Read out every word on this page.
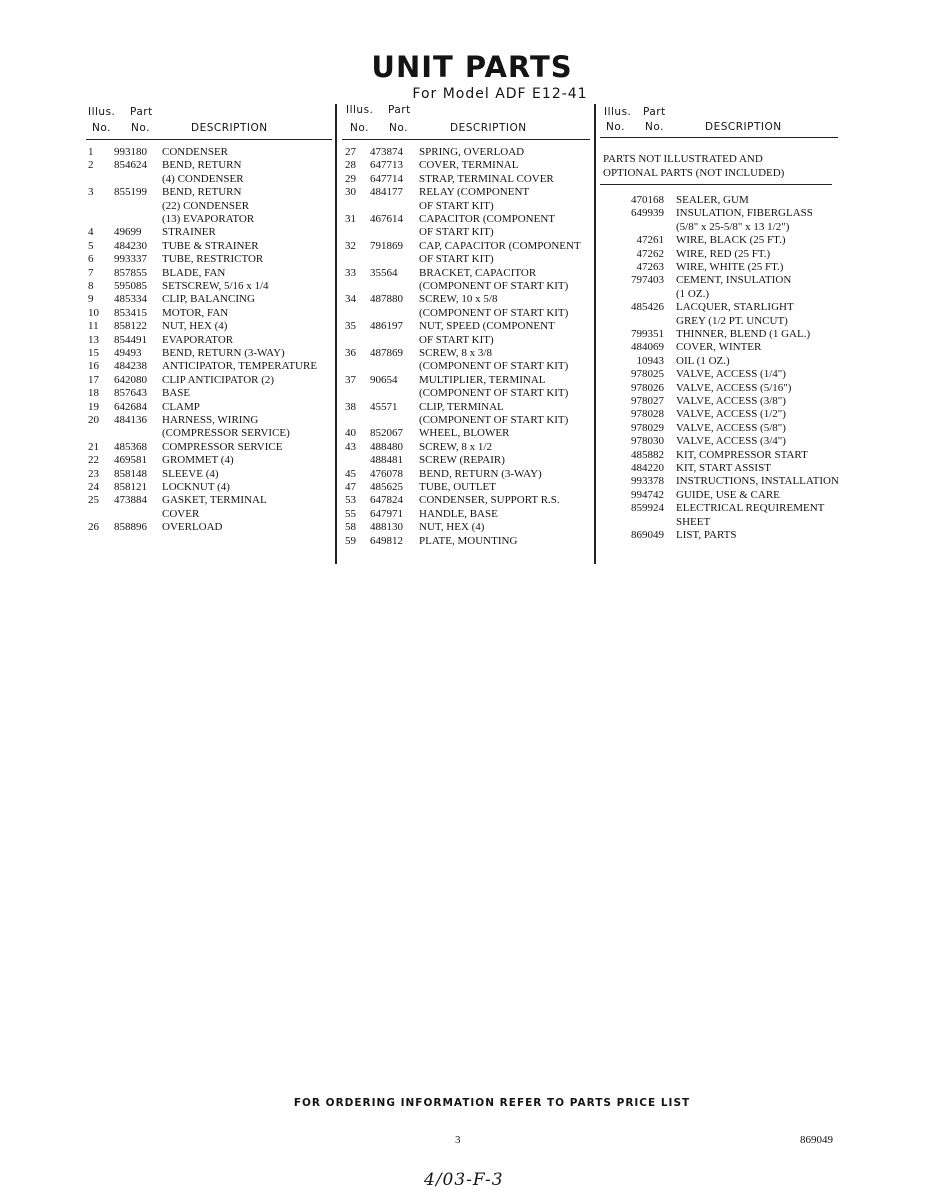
UNIT PARTS
For Model ADF E12-41
Illus. Part
No. No.	DESCRIPTION
1 993180 CONDENSER
2 854624 BEND, RETURN
(4) CONDENSER
3 855199 BEND, RETURN
(22) CONDENSER
(13) EVAPORATOR
4 49699 STRAINER
5 484230 TUBE & STRAINER
6 993337 TUBE, RESTRICTOR
7 857855 BLADE, FAN
8 595085 SETSCREW, 5/16 x 1/4
9 485334 CLIP, BALANCING
10 853415 MOTOR, FAN
11 858122 NUT, HEX (4)
13 854491 EVAPORATOR
15 49493 BEND, RETURN (3-WAY)
16 484238 ANTICIPATOR, TEMPERATURE
17 642080 CLIP ANTICIPATOR (2)
18 857643 BASE
19 642684 CLAMP
20 484136 HARNESS, WIRING
(COMPRESSOR SERVICE)
21 485368 COMPRESSOR SERVICE
22 469581 GROMMET (4)
23 858148 SLEEVE (4)
24 858121 LOCKNUT (4)
25 473884 GASKET, TERMINAL
COVER
26 858896 OVERLOAD
Illus. Part
No. No.	DESCRIPTION
27 473874 SPRING, OVERLOAD
28 647713 COVER, TERMINAL
29 647714 STRAP, TERMINAL COVER
30 484177 RELAY (COMPONENT
OF START KIT)
31 467614 CAPACITOR (COMPONENT
OF START KIT)
32 791869 CAP, CAPACITOR (COMPONENT
OF START KIT)
33 35564 BRACKET, CAPACITOR
(COMPONENT OF START KIT)
34 487880 SCREW, 10 x 5/8
(COMPONENT OF START KIT)
35 486197 NUT, SPEED (COMPONENT
OF START KIT)
36 487869 SCREW, 8 x 3/8
(COMPONENT OF START KIT)
37 90654 MULTIPLIER, TERMINAL
(COMPONENT OF START KIT)
38 45571 CLIP, TERMINAL
(COMPONENT OF START KIT)
40 852067 WHEEL, BLOWER
43 488480 SCREW, 8 x 1/2
488481 SCREW (REPAIR)
45 476078 BEND, RETURN (3-WAY)
47 485625 TUBE, OUTLET
53 647824 CONDENSER, SUPPORT R.S.
55 647971 HANDLE, BASE
58 488130 NUT, HEX (4)
59 649812 PLATE, MOUNTING
Illus. Part
No. No.	DESCRIPTION
PARTS NOT ILLUSTRATED AND
OPTIONAL PARTS (NOT INCLUDED)
470168 SEALER, GUM
649939 INSULATION, FIBERGLASS
(5/8" x 25-5/8" x 13 1/2")
47261 WIRE, BLACK (25 FT.)
47262 WIRE, RED (25 FT.)
47263 WIRE, WHITE (25 FT.)
797403 CEMENT, INSULATION
(1 OZ.)
485426 LACQUER, STARLIGHT
GREY (1/2 PT. UNCUT)
799351 THINNER, BLEND (1 GAL.)
484069 COVER, WINTER
10943 OIL (1 OZ.)
978025 VALVE, ACCESS (1/4")
978026 VALVE, ACCESS (5/16")
978027 VALVE, ACCESS (3/8")
978028 VALVE, ACCESS (1/2")
978029 VALVE, ACCESS (5/8")
978030 VALVE, ACCESS (3/4")
485882 KIT, COMPRESSOR START
484220 KIT, START ASSIST
993378 INSTRUCTIONS, INSTALLATION
994742 GUIDE, USE & CARE
859924 ELECTRICAL REQUIREMENT
SHEET
869049 LIST, PARTS
FOR ORDERING INFORMATION REFER TO PARTS PRICE LIST
3	869049
4/03-F-3
